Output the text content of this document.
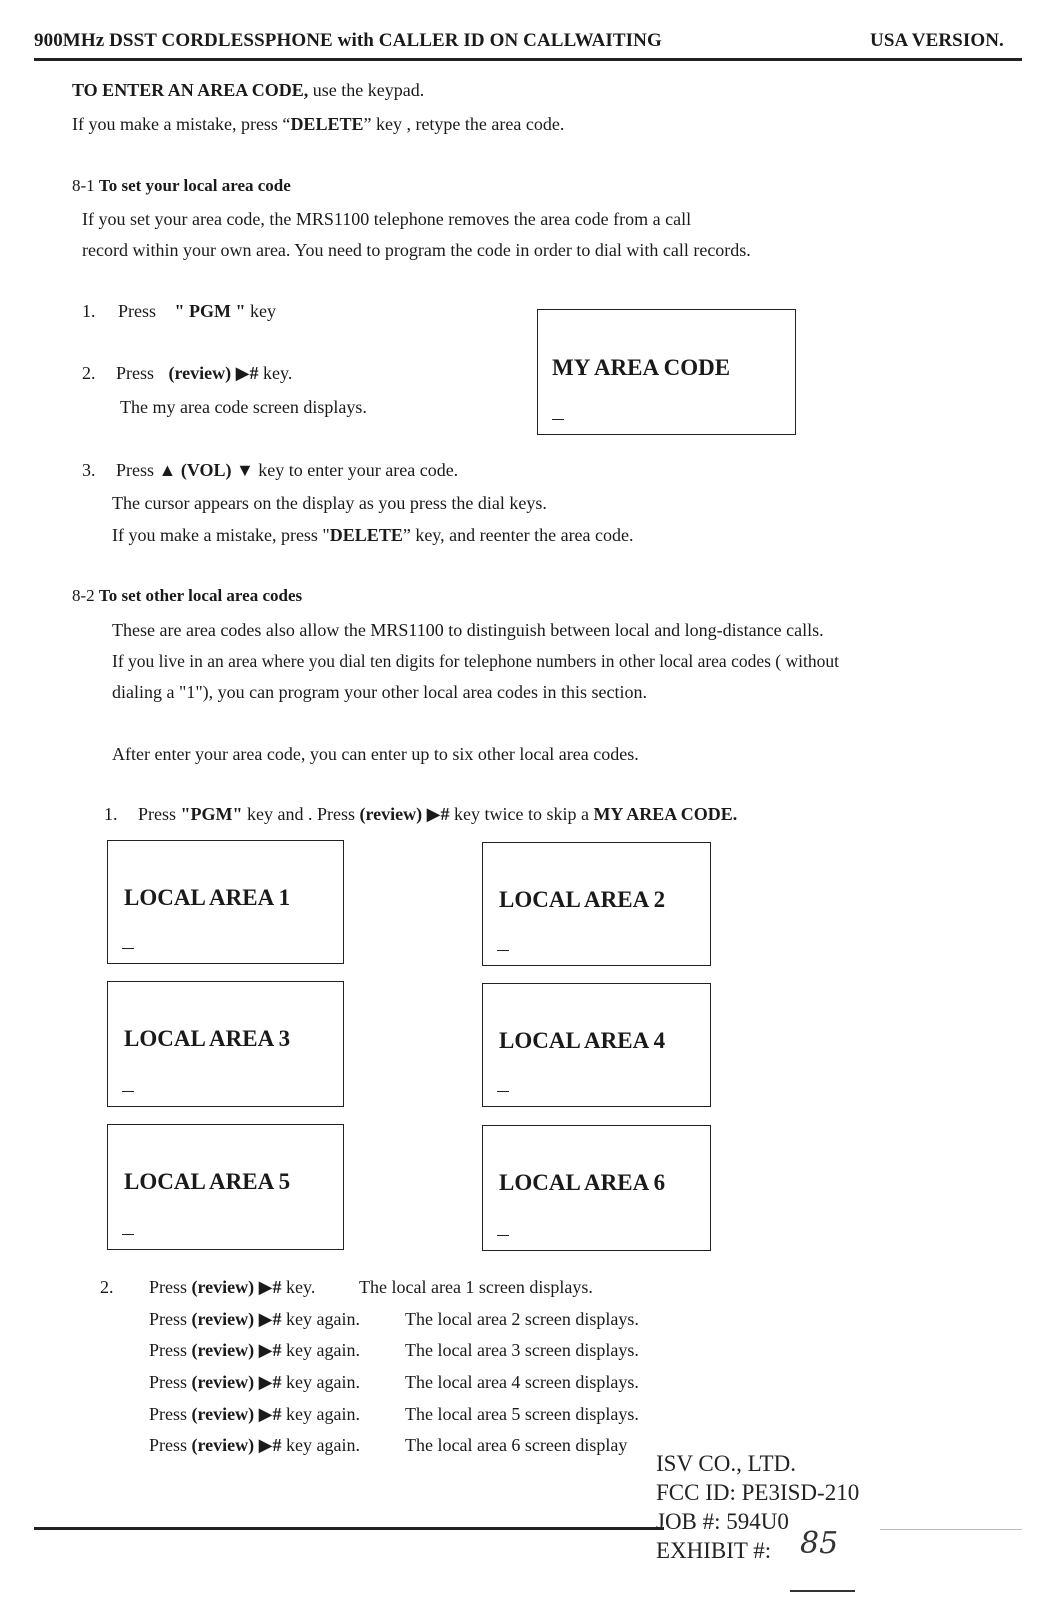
900MHz DSST CORDLESSPHONE with CALLER ID ON CALLWAITING	USA VERSION.
TO ENTER AN AREA CODE, use the keypad.
If you make a mistake, press “DELETE” key , retype the area code.
8-1 To set your local area code
If you set your area code, the MRS1100 telephone removes the area code from a call
record within your own area. You need to program the code in order to dial with call records.
1. Press " PGM " key
2. Press (review) ▶# key.
The my area code screen displays.
MY AREA CODE
3. Press ▲ (VOL) ▼ key to enter your area code.
The cursor appears on the display as you press the dial keys.
If you make a mistake, press "DELETE” key, and reenter the area code.
8-2 To set other local area codes
These are area codes also allow the MRS1100 to distinguish between local and long-distance calls.
If you live in an area where you dial ten digits for telephone numbers in other local area codes ( without
dialing a "1"), you can program your other local area codes in this section.
After enter your area code, you can enter up to six other local area codes.
1. Press "PGM" key and . Press (review) ▶# key twice to skip a MY AREA CODE.
LOCAL AREA 1	LOCAL AREA 2
LOCAL AREA 3	LOCAL AREA 4
LOCAL AREA 5	LOCAL AREA 6
2. Press (review) ▶# key. The local area 1 screen displays.
Press (review) ▶# key again.	The local area 2 screen displays.
Press (review) ▶# key again.	The local area 3 screen displays.
Press (review) ▶# key again.	The local area 4 screen displays.
Press (review) ▶# key again.	The local area 5 screen displays.
Press (review) ▶# key again.	The local area 6 screen display
ISV CO., LTD.
FCC ID: PE3ISD-210
JOB #: 594U0
EXHIBIT #: 85
